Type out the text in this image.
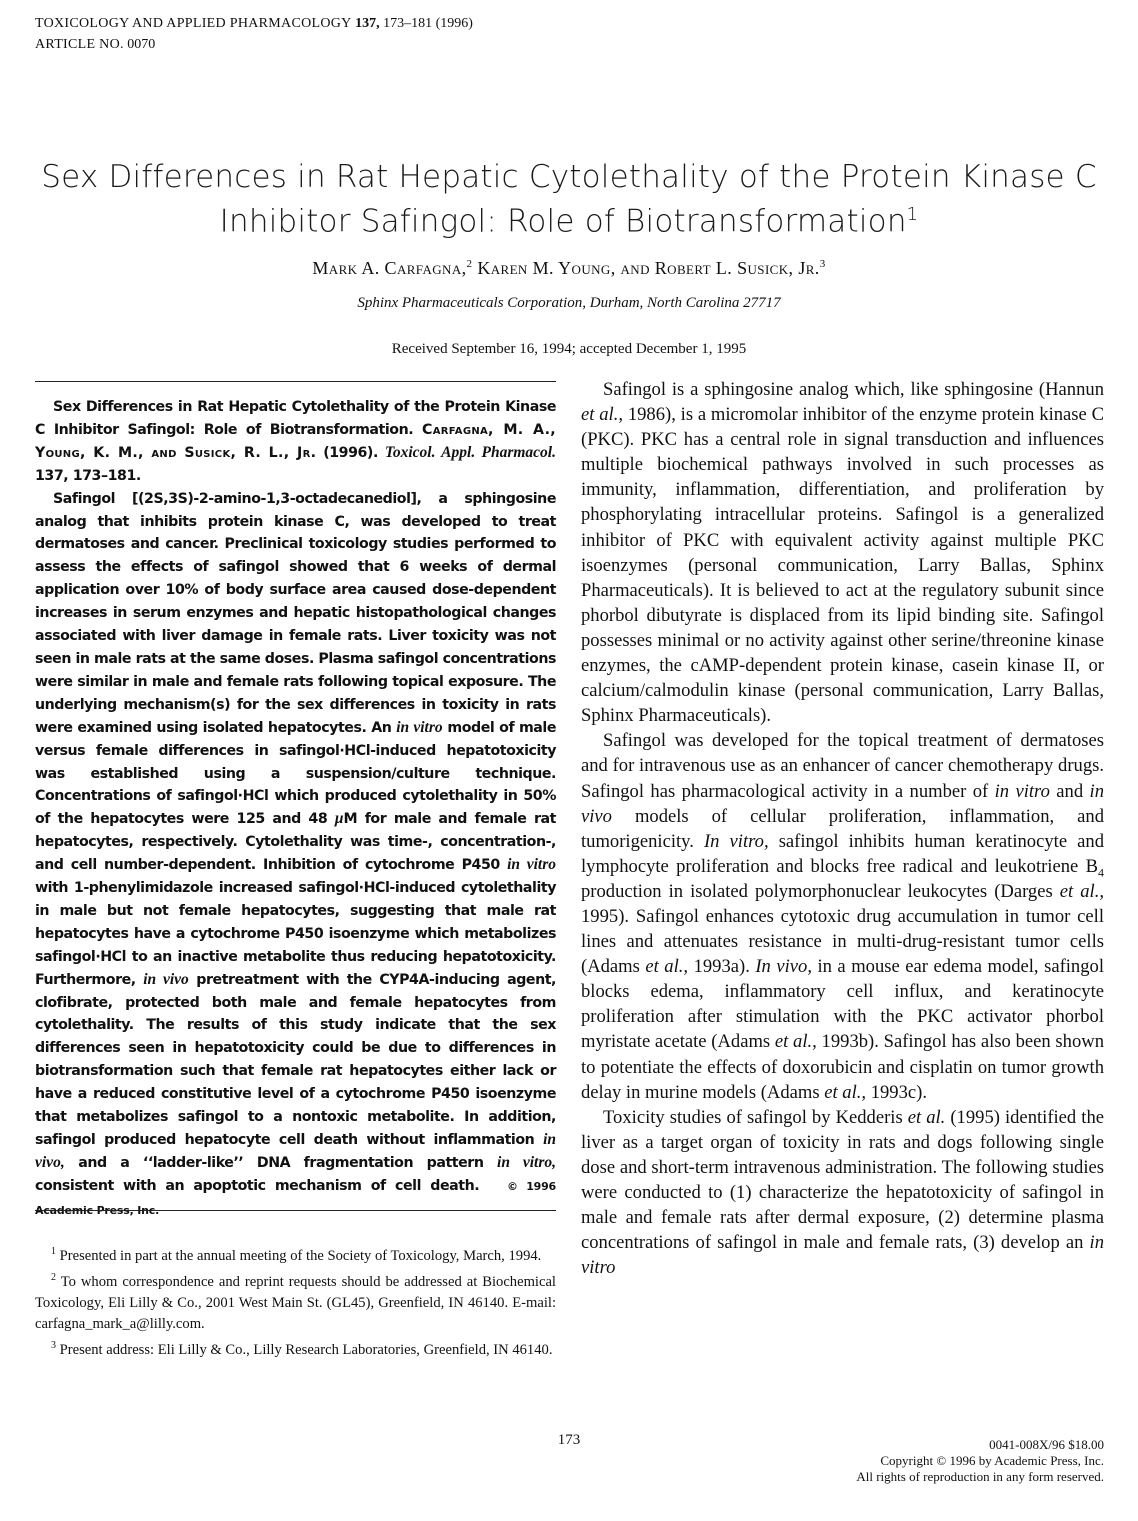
TOXICOLOGY AND APPLIED PHARMACOLOGY 137, 173–181 (1996)
ARTICLE NO. 0070
Sex Differences in Rat Hepatic Cytolethality of the Protein Kinase C
Inhibitor Safingol: Role of Biotransformation$^1$
Mark A. Carfagna,$^2$ Karen M. Young, and Robert L. Susick, Jr.$^3$
Sphinx Pharmaceuticals Corporation, Durham, North Carolina 27717
Received September 16, 1994; accepted December 1, 1995

Sex Differences in Rat Hepatic Cytolethality of the Protein Kinase C Inhibitor Safingol: Role of Biotransformation. Carfagna, M. A., Young, K. M., and Susick, R. L., Jr. (1996). Toxicol. Appl. Pharmacol. 137, 173–181.

Safingol [(2S,3S)-2-amino-1,3-octadecanediol], a sphingosine analog that inhibits protein kinase C, was developed to treat dermatoses and cancer. Preclinical toxicology studies performed to assess the effects of safingol showed that 6 weeks of dermal application over 10% of body surface area caused dose-dependent increases in serum enzymes and hepatic histopathological changes associated with liver damage in female rats. Liver toxicity was not seen in male rats at the same doses. Plasma safingol concentrations were similar in male and female rats following topical exposure. The underlying mechanism(s) for the sex differences in toxicity in rats were examined using isolated hepatocytes. An in vitro model of male versus female differences in safingol·HCl-induced hepatotoxicity was established using a suspension/culture technique. Concentrations of safingol·HCl which produced cytolethality in 50% of the hepatocytes were 125 and 48 μM for male and female rat hepatocytes, respectively. Cytolethality was time-, concentration-, and cell number-dependent. Inhibition of cytochrome P450 in vitro with 1-phenylimidazole increased safingol·HCl-induced cytolethality in male but not female hepatocytes, suggesting that male rat hepatocytes have a cytochrome P450 isoenzyme which metabolizes safingol·HCl to an inactive metabolite thus reducing hepatotoxicity. Furthermore, in vivo pretreatment with the CYP4A-inducing agent, clofibrate, protected both male and female hepatocytes from cytolethality. The results of this study indicate that the sex differences seen in hepatotoxicity could be due to differences in biotransformation such that female rat hepatocytes either lack or have a reduced constitutive level of a cytochrome P450 isoenzyme that metabolizes safingol to a nontoxic metabolite. In addition, safingol produced hepatocyte cell death without inflammation in vivo, and a ‘‘ladder-like’’ DNA fragmentation pattern in vitro, consistent with an apoptotic mechanism of cell death.	© 1996 Academic Press, Inc.

$^1$ Presented in part at the annual meeting of the Society of Toxicology, March, 1994.

$^2$ To whom correspondence and reprint requests should be addressed at Biochemical Toxicology, Eli Lilly & Co., 2001 West Main St. (GL45), Greenfield, IN 46140. E-mail: carfagna_mark_a@lilly.com.

$^3$ Present address: Eli Lilly & Co., Lilly Research Laboratories, Greenfield, IN 46140.

Safingol is a sphingosine analog which, like sphingosine (Hannun et al., 1986), is a micromolar inhibitor of the enzyme protein kinase C (PKC). PKC has a central role in signal transduction and influences multiple biochemical pathways involved in such processes as immunity, inflammation, differentiation, and proliferation by phosphorylating intracellular proteins. Safingol is a generalized inhibitor of PKC with equivalent activity against multiple PKC isoenzymes (personal communication, Larry Ballas, Sphinx Pharmaceuticals). It is believed to act at the regulatory subunit since phorbol dibutyrate is displaced from its lipid binding site. Safingol possesses minimal or no activity against other serine/threonine kinase enzymes, the cAMP-dependent protein kinase, casein kinase II, or calcium/calmodulin kinase (personal communication, Larry Ballas, Sphinx Pharmaceuticals).

Safingol was developed for the topical treatment of dermatoses and for intravenous use as an enhancer of cancer chemotherapy drugs. Safingol has pharmacological activity in a number of in vitro and in vivo models of cellular proliferation, inflammation, and tumorigenicity. In vitro, safingol inhibits human keratinocyte and lymphocyte proliferation and blocks free radical and leukotriene $B_4$ production in isolated polymorphonuclear leukocytes (Darges et al., 1995). Safingol enhances cytotoxic drug accumulation in tumor cell lines and attenuates resistance in multi-drug-resistant tumor cells (Adams et al., 1993a). In vivo, in a mouse ear edema model, safingol blocks edema, inflammatory cell influx, and keratinocyte proliferation after stimulation with the PKC activator phorbol myristate acetate (Adams et al., 1993b). Safingol has also been shown to potentiate the effects of doxorubicin and cisplatin on tumor growth delay in murine models (Adams et al., 1993c).

Toxicity studies of safingol by Kedderis et al. (1995) identified the liver as a target organ of toxicity in rats and dogs following single dose and short-term intravenous administration. The following studies were conducted to (1) characterize the hepatotoxicity of safingol in male and female rats after dermal exposure, (2) determine plasma concentrations of safingol in male and female rats, (3) develop an in vitro

173	0041-008X/96 $18.00
Copyright © 1996 by Academic Press, Inc.
All rights of reproduction in any form reserved.
